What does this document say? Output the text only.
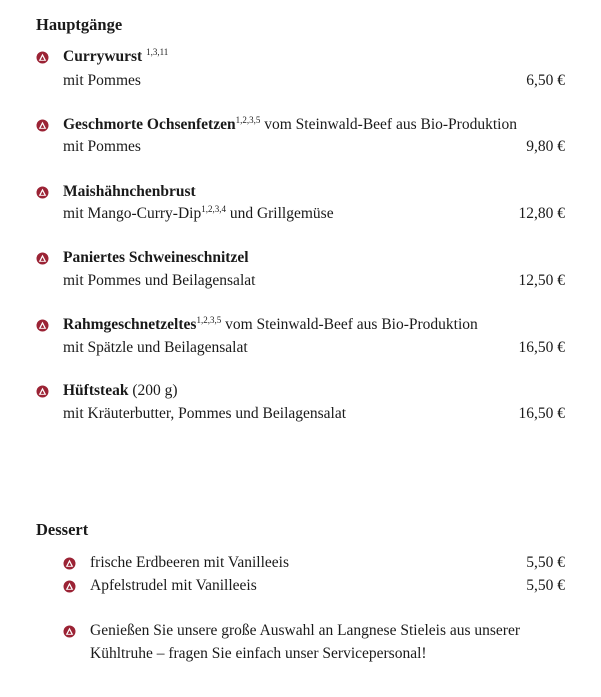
Hauptgänge
Currywurst $^{1,3,11}$
mit Pommes	6,50 €
Geschmorte Ochsenfetzen$^{1,2,3,5}$ vom Steinwald-Beef aus Bio-Produktion
mit Pommes	9,80 €
Maishähnchenbrust
mit Mango-Curry-Dip$^{1,2,3,4}$ und Grillgemüse	12,80 €
Paniertes Schweineschnitzel
mit Pommes und Beilagensalat	12,50 €
Rahmgeschnetzeltes$^{1,2,3,5}$ vom Steinwald-Beef aus Bio-Produktion
mit Spätzle und Beilagensalat	16,50 €
Hüftsteak (200 g)
mit Kräuterbutter, Pommes und Beilagensalat	16,50 €
Dessert
frische Erdbeeren mit Vanilleeis	5,50 €
Apfelstrudel mit Vanilleeis	5,50 €
Genießen Sie unsere große Auswahl an Langnese Stieleis aus unserer
Kühltruhe – fragen Sie einfach unser Servicepersonal!
